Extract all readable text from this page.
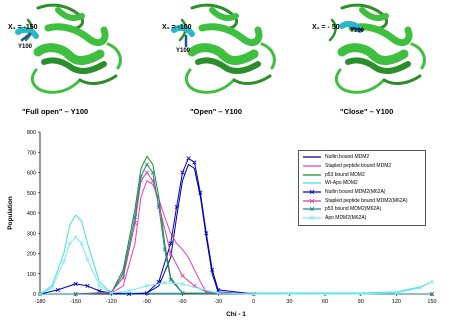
X₁ = -150
Y100
"Full open" – Y100
X₁ = -100
Y100
"Open" – Y100
X₁ = - 50 Y100
"Close" – Y100
0
100
200
300
400
500
600
700
800
-180	-150	-120	-90	-60	-30	0	30	60	90	120	150
Chi - 1
Population
Nutlin bound MDM2
Stapled peptide bound MDM2
p53 bound MDM2
Wt-Apo MDM2
Nutlin bound MDM2(M62A)
Stapled peptide bound MDM2(M62A)
p53 bound MDM2(M62A)
Apo MDM2(M62A)
